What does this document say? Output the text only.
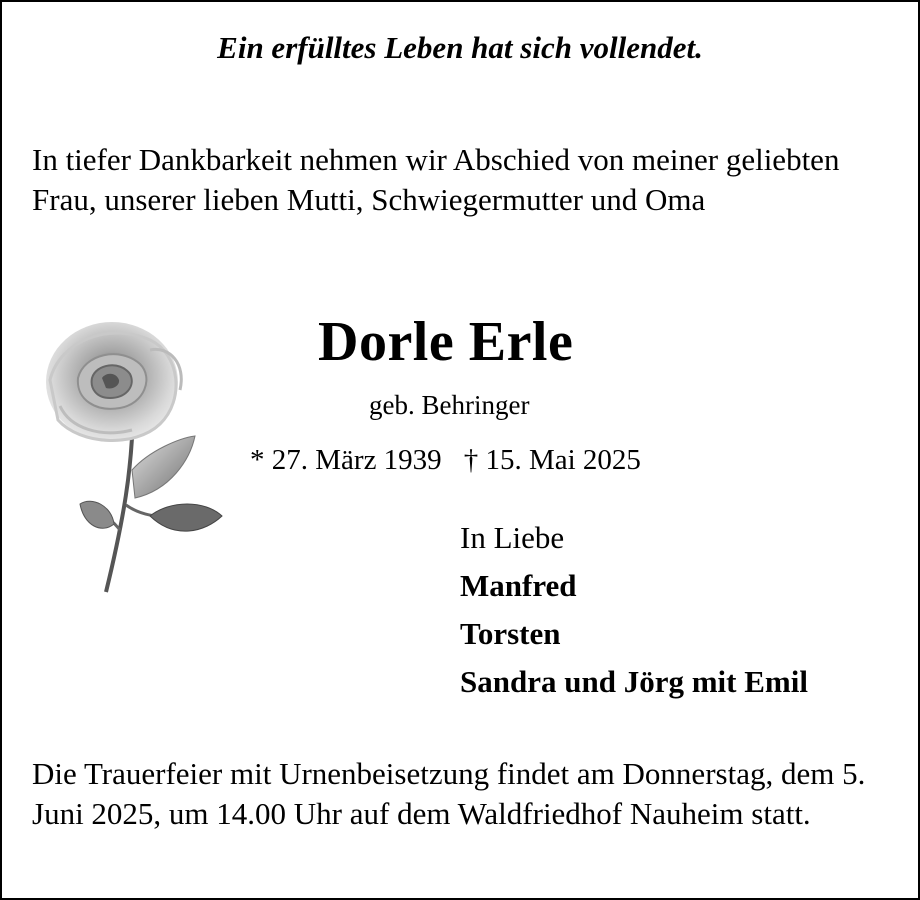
Ein erfülltes Leben hat sich vollendet.
In tiefer Dankbarkeit nehmen wir Abschied von meiner geliebten Frau, unserer lieben Mutti, Schwiegermutter und Oma
Dorle Erle
geb. Behringer
* 27. März 1939 † 15. Mai 2025
In Liebe
Manfred
Torsten
Sandra und Jörg mit Emil
Die Trauerfeier mit Urnenbeisetzung findet am Donnerstag, dem 5. Juni 2025, um 14.00 Uhr auf dem Waldfriedhof Nauheim statt.
